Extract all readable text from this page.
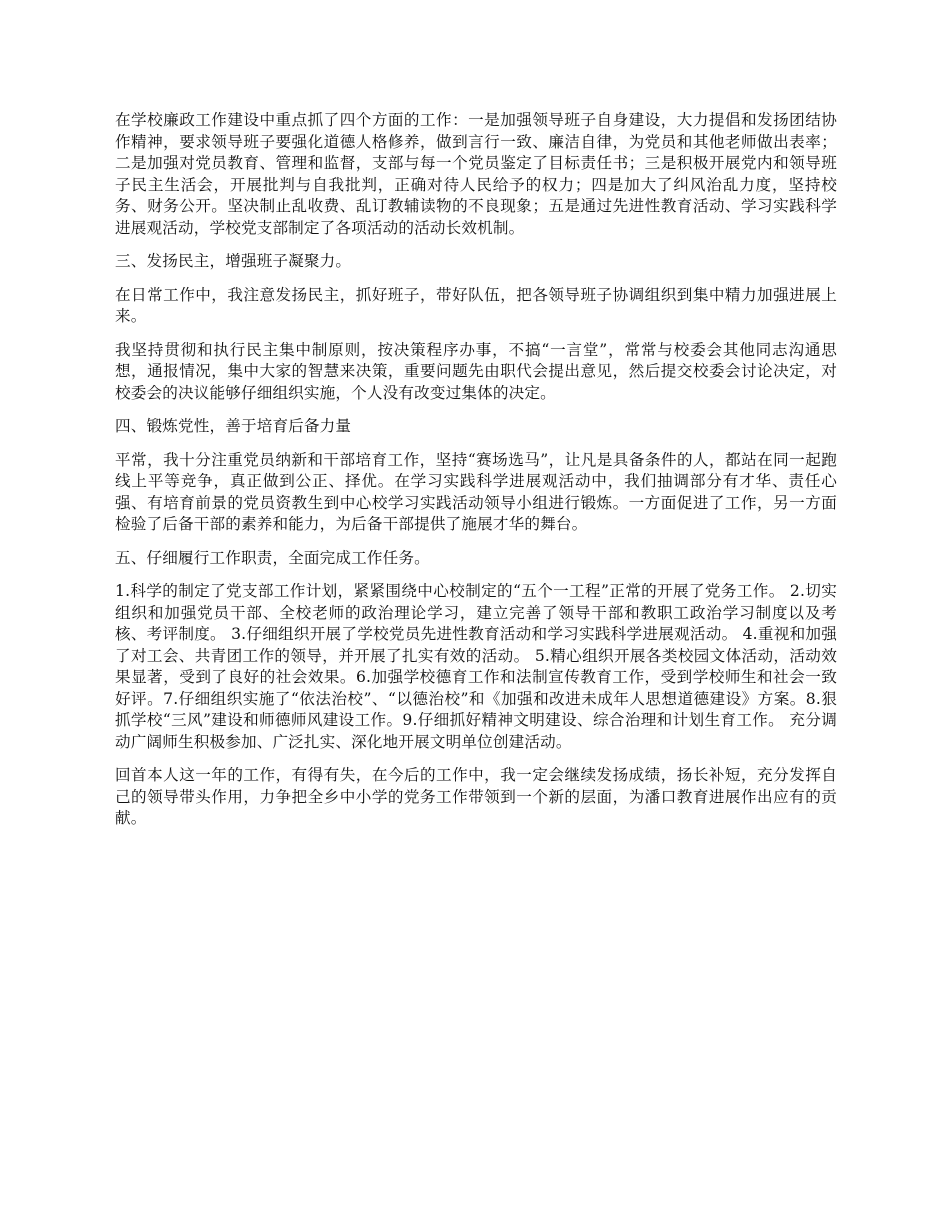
在学校廉政工作建设中重点抓了四个方面的工作：一是加强领导班子自身建设，大力提倡和发扬团结协作精神，要求领导班子要强化道德人格修养，做到言行一致、廉洁自律，为党员和其他老师做出表率；二是加强对党员教育、管理和监督，支部与每一个党员鉴定了目标责任书；三是积极开展党内和领导班子民主生活会，开展批判与自我批判，正确对待人民给予的权力；四是加大了纠风治乱力度，坚持校务、财务公开。坚决制止乱收费、乱订教辅读物的不良现象；五是通过先进性教育活动、学习实践科学进展观活动，学校党支部制定了各项活动的活动长效机制。

三、发扬民主，增强班子凝聚力。

在日常工作中，我注意发扬民主，抓好班子，带好队伍，把各领导班子协调组织到集中精力加强进展上来。

我坚持贯彻和执行民主集中制原则，按决策程序办事，不搞“一言堂”，常常与校委会其他同志沟通思想，通报情况，集中大家的智慧来决策，重要问题先由职代会提出意见，然后提交校委会讨论决定，对校委会的决议能够仔细组织实施，个人没有改变过集体的决定。

四、锻炼党性，善于培育后备力量

平常，我十分注重党员纳新和干部培育工作，坚持“赛场选马”，让凡是具备条件的人，都站在同一起跑线上平等竞争，真正做到公正、择优。在学习实践科学进展观活动中，我们抽调部分有才华、责任心强、有培育前景的党员资教生到中心校学习实践活动领导小组进行锻炼。一方面促进了工作，另一方面检验了后备干部的素养和能力，为后备干部提供了施展才华的舞台。

五、仔细履行工作职责，全面完成工作任务。

1.科学的制定了党支部工作计划，紧紧围绕中心校制定的“五个一工程”正常的开展了党务工作。 2.切实组织和加强党员干部、全校老师的政治理论学习，建立完善了领导干部和教职工政治学习制度以及考核、考评制度。 3.仔细组织开展了学校党员先进性教育活动和学习实践科学进展观活动。 4.重视和加强了对工会、共青团工作的领导，并开展了扎实有效的活动。 5.精心组织开展各类校园文体活动，活动效果显著，受到了良好的社会效果。6.加强学校德育工作和法制宣传教育工作，受到学校师生和社会一致好评。7.仔细组织实施了“依法治校”、“以德治校”和《加强和改进未成年人思想道德建设》方案。8.狠抓学校“三风”建设和师德师风建设工作。9.仔细抓好精神文明建设、综合治理和计划生育工作。 充分调动广阔师生积极参加、广泛扎实、深化地开展文明单位创建活动。

回首本人这一年的工作，有得有失，在今后的工作中，我一定会继续发扬成绩，扬长补短，充分发挥自己的领导带头作用，力争把全乡中小学的党务工作带领到一个新的层面，为潘口教育进展作出应有的贡献。
